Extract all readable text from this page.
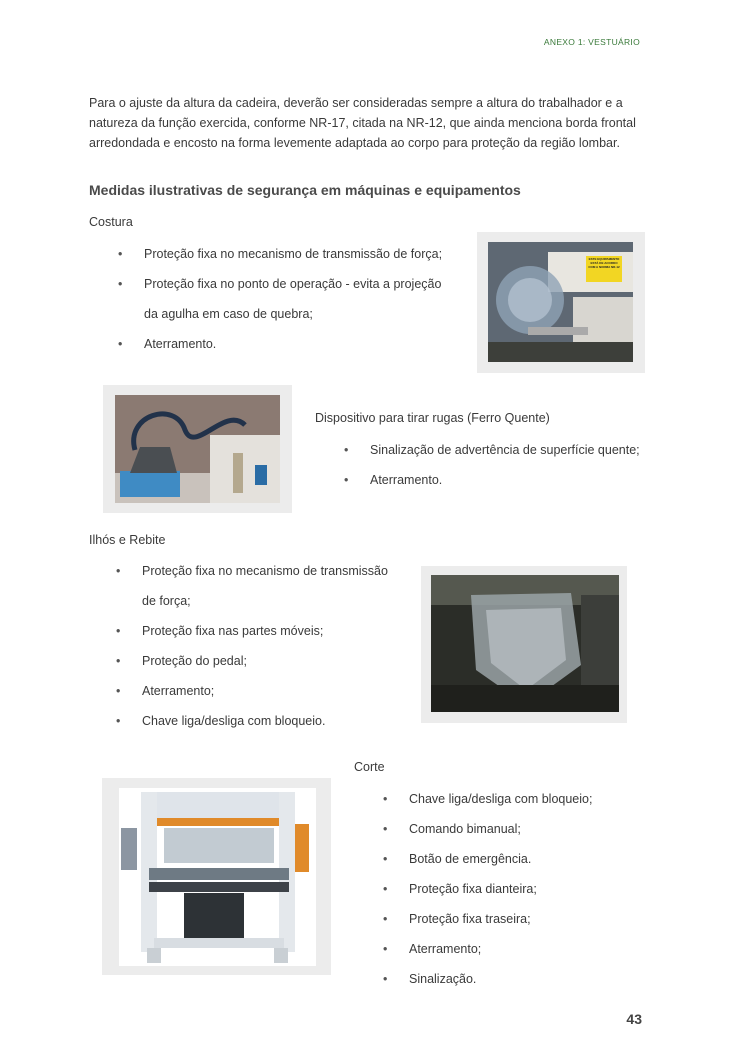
ANEXO 1: VESTUÁRIO

Para o ajuste da altura da cadeira, deverão ser consideradas sempre a altura do trabalhador e a natureza da função exercida, conforme NR-17, citada na NR-12, que ainda menciona borda frontal arredondada e encosto na forma levemente adaptada ao corpo para proteção da região lombar.

Medidas ilustrativas de segurança em máquinas e equipamentos
Costura
• Proteção fixa no mecanismo de transmissão de força;
• Proteção fixa no ponto de operação - evita a projeção
da agulha em caso de quebra;
• Aterramento.
ESTE EQUIPAMENTO ESTÁ DE ACORDO COM A NORMA NR-12
Dispositivo para tirar rugas (Ferro Quente)
• Sinalização de advertência de superfície quente;
• Aterramento.
Ilhós e Rebite
• Proteção fixa no mecanismo de transmissão
de força;
• Proteção fixa nas partes móveis;
• Proteção do pedal;
• Aterramento;
• Chave liga/desliga com bloqueio.
Corte
• Chave liga/desliga com bloqueio;
• Comando bimanual;
• Botão de emergência.
• Proteção fixa dianteira;
• Proteção fixa traseira;
• Aterramento;
• Sinalização.
43
